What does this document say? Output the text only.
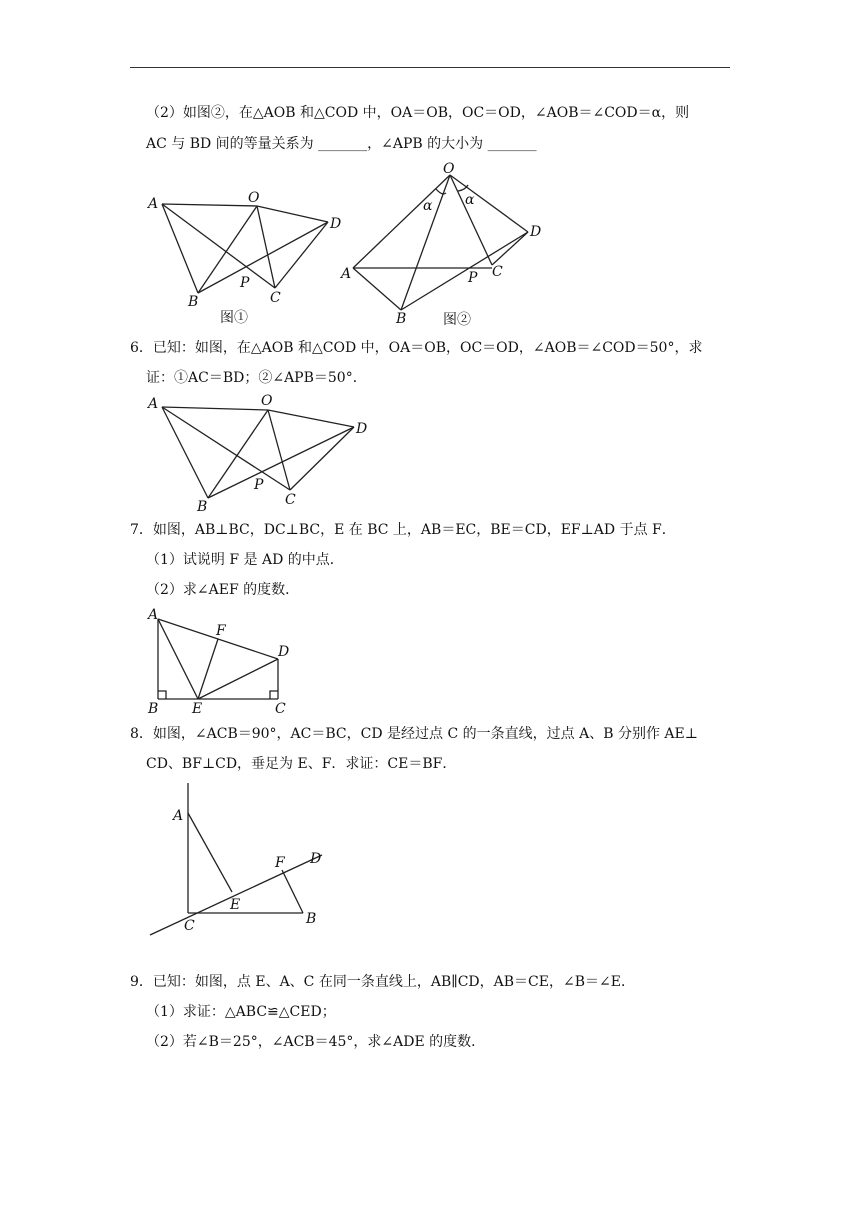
（2）如图②，在△AOB 和△COD 中，OA＝OB，OC＝OD，∠AOB＝∠COD＝α，则
AC 与 BD 间的等量关系为 _______，∠APB 的大小为 _______
A	O
D
P
B	C
图①
O
D
A	P C
B
α α
图②
6．已知：如图，在△AOB 和△COD 中，OA＝OB，OC＝OD，∠AOB＝∠COD＝50°，求
证：①AC＝BD；②∠APB＝50°．
A	O
D
P
B	C
7．如图，AB⊥BC，DC⊥BC，E 在 BC 上，AB＝EC，BE＝CD，EF⊥AD 于点 F．
（1）试说明 F 是 AD 的中点．
（2）求∠AEF 的度数．
A
F
D
B E	C
8．如图，∠ACB＝90°，AC＝BC，CD 是经过点 C 的一条直线，过点 A、B 分别作 AE⊥
CD、BF⊥CD，垂足为 E、F．求证：CE＝BF．
A
F D
E
C	B
9．已知：如图，点 E、A、C 在同一条直线上，AB∥CD，AB＝CE，∠B＝∠E．
（1）求证：△ABC≌△CED；
（2）若∠B＝25°，∠ACB＝45°，求∠ADE 的度数．
